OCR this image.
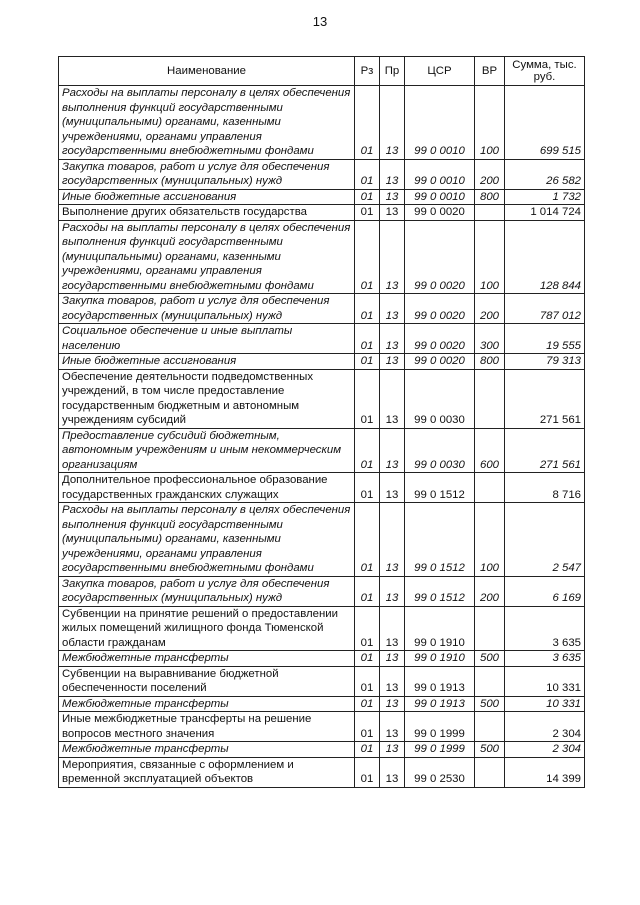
13
Наименование	Рз	Пр	ЦСР	ВР	Сумма, тыс. руб.
Расходы на выплаты персоналу в целях обеспечения выполнения функций государственными (муниципальными) органами, казенными учреждениями, органами управления государственными внебюджетными фондами	01	13	99 0 0010	100	699 515
Закупка товаров, работ и услуг для обеспечения государственных (муниципальных) нужд	01	13	99 0 0010	200	26 582
Иные бюджетные ассигнования	01	13	99 0 0010	800	1 732
Выполнение других обязательств государства	01	13	99 0 0020		1 014 724
Расходы на выплаты персоналу в целях обеспечения выполнения функций государственными (муниципальными) органами, казенными учреждениями, органами управления государственными внебюджетными фондами	01	13	99 0 0020	100	128 844
Закупка товаров, работ и услуг для обеспечения государственных (муниципальных) нужд	01	13	99 0 0020	200	787 012
Социальное обеспечение и иные выплаты населению	01	13	99 0 0020	300	19 555
Иные бюджетные ассигнования	01	13	99 0 0020	800	79 313
Обеспечение деятельности подведомственных учреждений, в том числе предоставление государственным бюджетным и автономным учреждениям субсидий	01	13	99 0 0030		271 561
Предоставление субсидий бюджетным, автономным учреждениям и иным некоммерческим организациям	01	13	99 0 0030	600	271 561
Дополнительное профессиональное образование государственных гражданских служащих	01	13	99 0 1512		8 716
Расходы на выплаты персоналу в целях обеспечения выполнения функций государственными (муниципальными) органами, казенными учреждениями, органами управления государственными внебюджетными фондами	01	13	99 0 1512	100	2 547
Закупка товаров, работ и услуг для обеспечения государственных (муниципальных) нужд	01	13	99 0 1512	200	6 169
Субвенции на принятие решений о предоставлении жилых помещений жилищного фонда Тюменской области гражданам	01	13	99 0 1910		3 635
Межбюджетные трансферты	01	13	99 0 1910	500	3 635
Субвенции на выравнивание бюджетной обеспеченности поселений	01	13	99 0 1913		10 331
Межбюджетные трансферты	01	13	99 0 1913	500	10 331
Иные межбюджетные трансферты на решение вопросов местного значения	01	13	99 0 1999		2 304
Межбюджетные трансферты	01	13	99 0 1999	500	2 304
Мероприятия, связанные с оформлением и временной эксплуатацией объектов	01	13	99 0 2530		14 399
